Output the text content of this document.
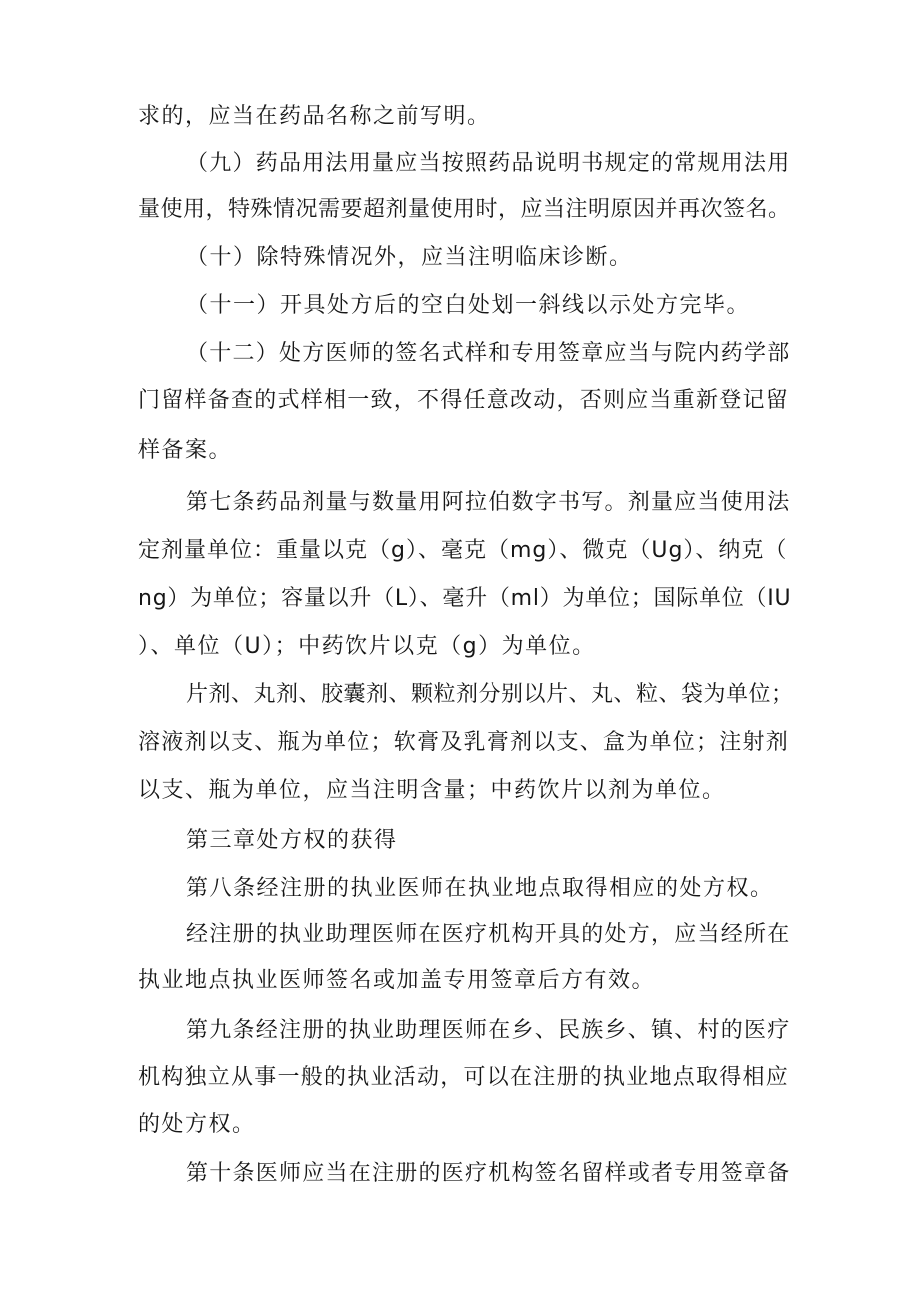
求的，应当在药品名称之前写明。
（九）药品用法用量应当按照药品说明书规定的常规用法用
量使用，特殊情况需要超剂量使用时，应当注明原因并再次签名。
（十）除特殊情况外，应当注明临床诊断。
（十一）开具处方后的空白处划一斜线以示处方完毕。
（十二）处方医师的签名式样和专用签章应当与院内药学部
门留样备查的式样相一致，不得任意改动，否则应当重新登记留
样备案。
第七条药品剂量与数量用阿拉伯数字书写。剂量应当使用法
定剂量单位：重量以克（g）、毫克（mg）、微克（Ug）、纳克（
ng）为单位；容量以升（L）、毫升（ml）为单位；国际单位（IU
）、单位（U）；中药饮片以克（g）为单位。
片剂、丸剂、胶囊剂、颗粒剂分别以片、丸、粒、袋为单位；
溶液剂以支、瓶为单位；软膏及乳膏剂以支、盒为单位；注射剂
以支、瓶为单位，应当注明含量；中药饮片以剂为单位。
第三章处方权的获得
第八条经注册的执业医师在执业地点取得相应的处方权。
经注册的执业助理医师在医疗机构开具的处方，应当经所在
执业地点执业医师签名或加盖专用签章后方有效。
第九条经注册的执业助理医师在乡、民族乡、镇、村的医疗
机构独立从事一般的执业活动，可以在注册的执业地点取得相应
的处方权。
第十条医师应当在注册的医疗机构签名留样或者专用签章备
